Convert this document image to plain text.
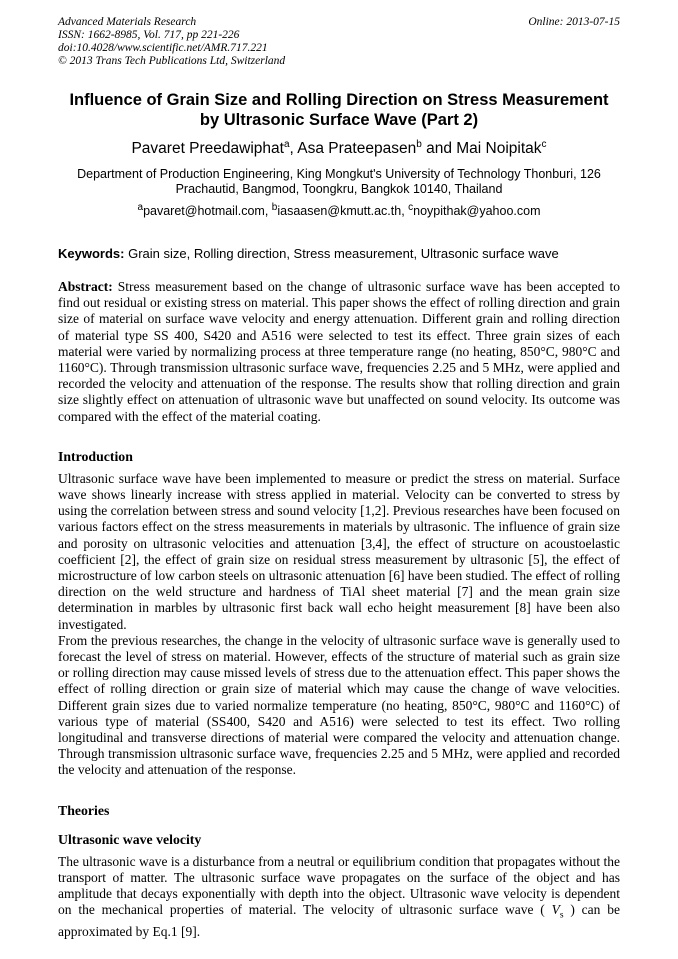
Advanced Materials Research
ISSN: 1662-8985, Vol. 717, pp 221-226
doi:10.4028/www.scientific.net/AMR.717.221
© 2013 Trans Tech Publications Ltd, Switzerland
Online: 2013-07-15
Influence of Grain Size and Rolling Direction on Stress Measurement by Ultrasonic Surface Wave (Part 2)
Pavaret Preedawiphat$^a$, Asa Prateepasen$^b$ and Mai Noipitak$^c$
Department of Production Engineering, King Mongkut's University of Technology Thonburi, 126 Prachautid, Bangmod, Toongkru, Bangkok 10140, Thailand
$^a$pavaret@hotmail.com, $^b$iasaasen@kmutt.ac.th, $^c$noypithak@yahoo.com
Keywords: Grain size, Rolling direction, Stress measurement, Ultrasonic surface wave
Abstract: Stress measurement based on the change of ultrasonic surface wave has been accepted to find out residual or existing stress on material. This paper shows the effect of rolling direction and grain size of material on surface wave velocity and energy attenuation. Different grain and rolling direction of material type SS 400, S420 and A516 were selected to test its effect. Three grain sizes of each material were varied by normalizing process at three temperature range (no heating, 850°C, 980°C and 1160°C). Through transmission ultrasonic surface wave, frequencies 2.25 and 5 MHz, were applied and recorded the velocity and attenuation of the response. The results show that rolling direction and grain size slightly effect on attenuation of ultrasonic wave but unaffected on sound velocity. Its outcome was compared with the effect of the material coating.
Introduction

Ultrasonic surface wave have been implemented to measure or predict the stress on material. Surface wave shows linearly increase with stress applied in material. Velocity can be converted to stress by using the correlation between stress and sound velocity [1,2]. Previous researches have been focused on various factors effect on the stress measurements in materials by ultrasonic. The influence of grain size and porosity on ultrasonic velocities and attenuation [3,4], the effect of structure on acoustoelastic coefficient [2], the effect of grain size on residual stress measurement by ultrasonic [5], the effect of microstructure of low carbon steels on ultrasonic attenuation [6] have been studied. The effect of rolling direction on the weld structure and hardness of TiAl sheet material [7] and the mean grain size determination in marbles by ultrasonic first back wall echo height measurement [8] have been also investigated.

From the previous researches, the change in the velocity of ultrasonic surface wave is generally used to forecast the level of stress on material. However, effects of the structure of material such as grain size or rolling direction may cause missed levels of stress due to the attenuation effect. This paper shows the effect of rolling direction or grain size of material which may cause the change of wave velocities. Different grain sizes due to varied normalize temperature (no heating, 850°C, 980°C and 1160°C) of various type of material (SS400, S420 and A516) were selected to test its effect. Two rolling longitudinal and transverse directions of material were compared the velocity and attenuation change. Through transmission ultrasonic surface wave, frequencies 2.25 and 5 MHz, were applied and recorded the velocity and attenuation of the response.

Theories
Ultrasonic wave velocity

The ultrasonic wave is a disturbance from a neutral or equilibrium condition that propagates without the transport of matter. The ultrasonic surface wave propagates on the surface of the object and has amplitude that decays exponentially with depth into the object. Ultrasonic wave velocity is dependent on the mechanical properties of material. The velocity of ultrasonic surface wave ( $V_s$ ) can be approximated by Eq.1 [9].
